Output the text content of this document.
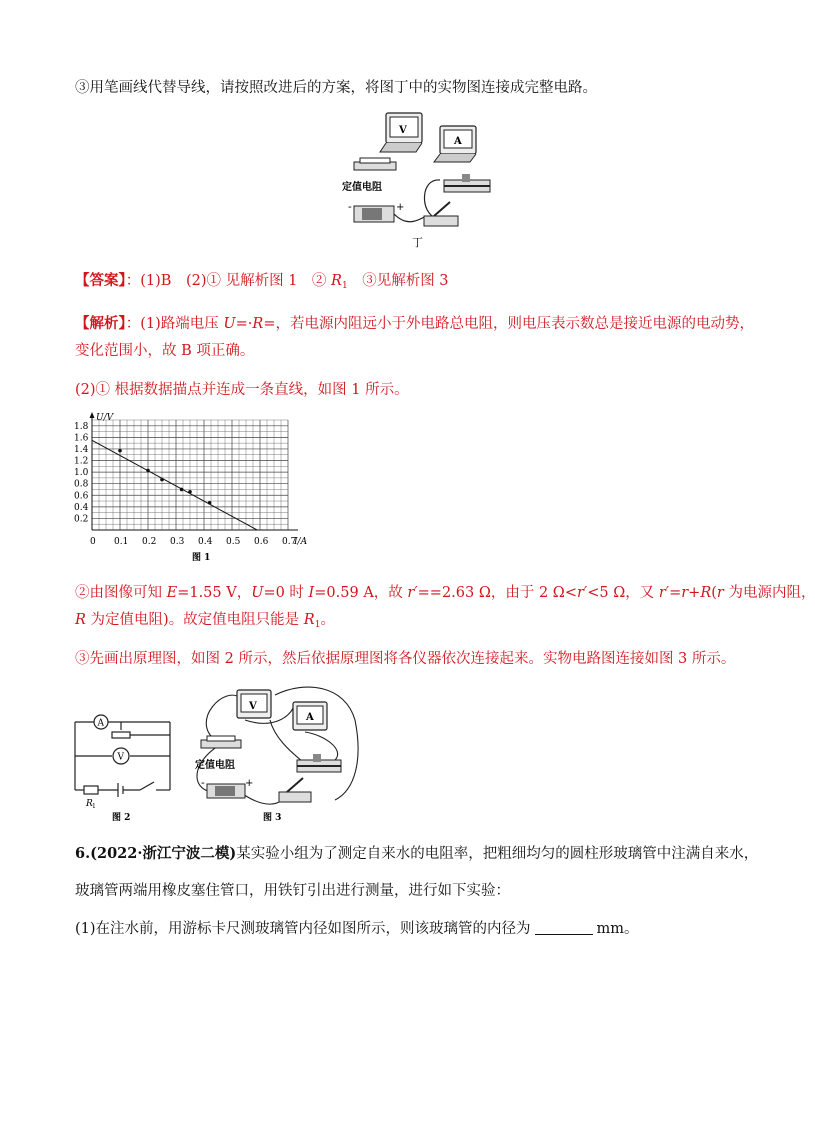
③用笔画线代替导线，请按照改进后的方案，将图丁中的实物图连接成完整电路。
V
A
定值电阻
-	+
丁
【答案】：(1)B　(2)① 见解析图 1　② $R_1$　③见解析图 3
【解析】：(1)路端电压 U=·R=，若电源内阻远小于外电路总电阻，则电压表示数总是接近电源的电动势，
变化范围小，故 B 项正确。
(2)① 根据数据描点并连成一条直线，如图 1 所示。
0.2
0.4
0.6
0.8
1.0
1.2
1.4
1.6
1.8
0 0.1 0.2 0.3 0.4 0.5 0.6 0.7
U/V
I/A
图 1
②由图像可知 E=1.55 V，U=0 时 I=0.59 A，故 r′==2.63 Ω，由于 2 Ω<r′<5 Ω，又 r′=r+R(r 为电源内阻，
R 为定值电阻)。故定值电阻只能是 $R_1$。
③先画出原理图，如图 2 所示，然后依据原理图将各仪器依次连接起来。实物电路图连接如图 3 所示。
A
V
R 1
图 2
V
A
定值电阻
-	+
图 3
6.(2022·浙江宁波二模)某实验小组为了测定自来水的电阻率，把粗细均匀的圆柱形玻璃管中注满自来水，
玻璃管两端用橡皮塞住管口，用铁钉引出进行测量，进行如下实验：
(1)在注水前，用游标卡尺测玻璃管内径如图所示，则该玻璃管的内径为	mm。
